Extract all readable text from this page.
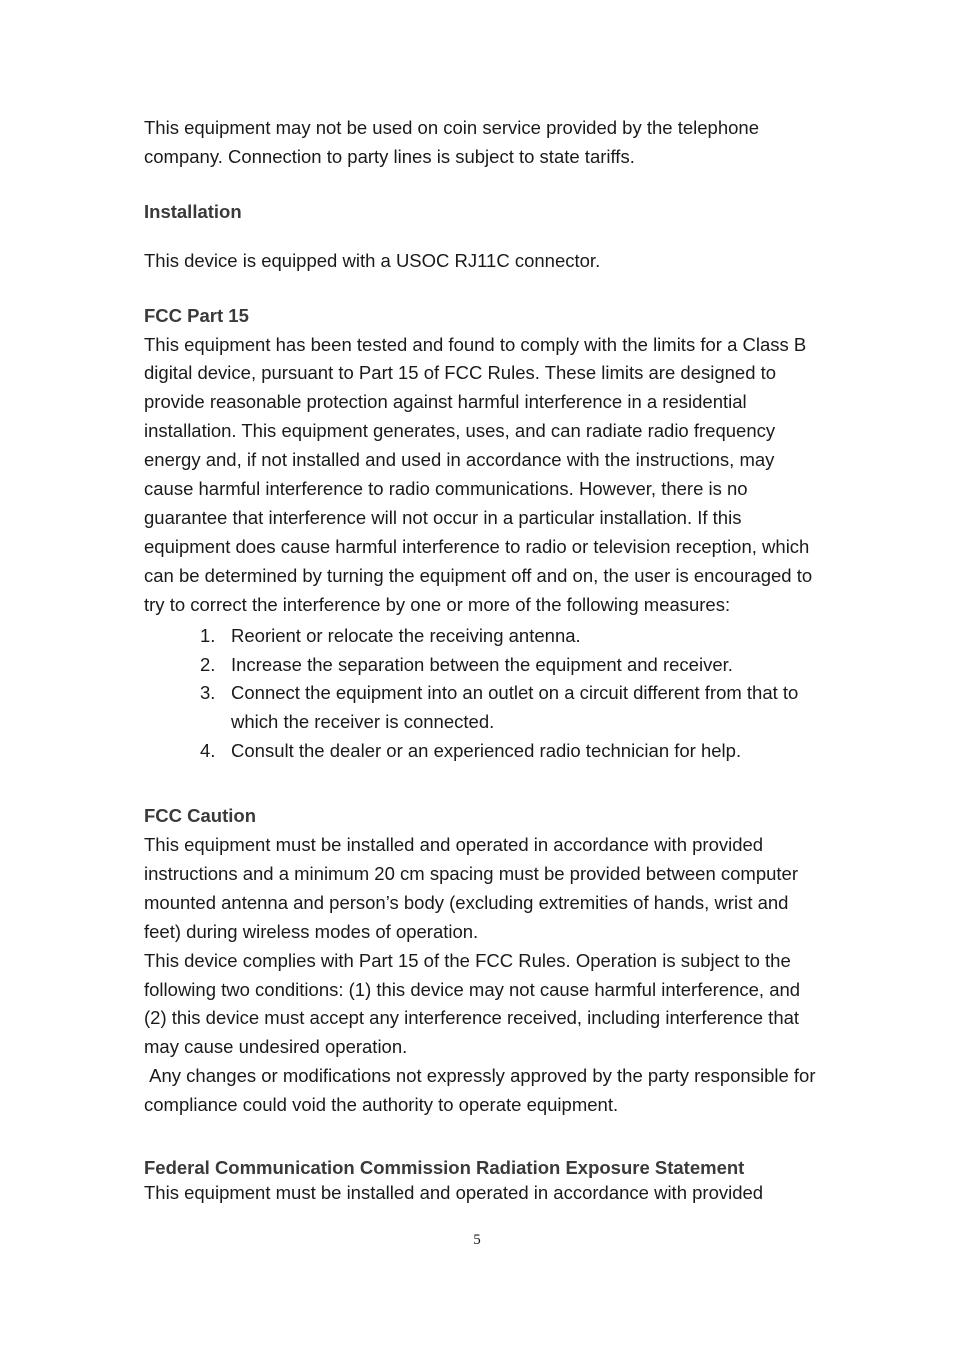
This equipment may not be used on coin service provided by the telephone company. Connection to party lines is subject to state tariffs.

Installation

This device is equipped with a USOC RJ11C connector.

FCC Part 15

This equipment has been tested and found to comply with the limits for a Class B digital device, pursuant to Part 15 of FCC Rules. These limits are designed to provide reasonable protection against harmful interference in a residential installation. This equipment generates, uses, and can radiate radio frequency energy and, if not installed and used in accordance with the instructions, may cause harmful interference to radio communications. However, there is no guarantee that interference will not occur in a particular installation. If this equipment does cause harmful interference to radio or television reception, which can be determined by turning the equipment off and on, the user is encouraged to try to correct the interference by one or more of the following measures:

1. Reorient or relocate the receiving antenna.
2. Increase the separation between the equipment and receiver.
3. Connect the equipment into an outlet on a circuit different from that to which the receiver is connected.
4. Consult the dealer or an experienced radio technician for help.

FCC Caution

This equipment must be installed and operated in accordance with provided instructions and a minimum 20 cm spacing must be provided between computer mounted antenna and person’s body (excluding extremities of hands, wrist and feet) during wireless modes of operation.

This device complies with Part 15 of the FCC Rules. Operation is subject to the following two conditions: (1) this device may not cause harmful interference, and (2) this device must accept any interference received, including interference that may cause undesired operation.

Any changes or modifications not expressly approved by the party responsible for compliance could void the authority to operate equipment.

Federal Communication Commission Radiation Exposure Statement

This equipment must be installed and operated in accordance with provided

5
